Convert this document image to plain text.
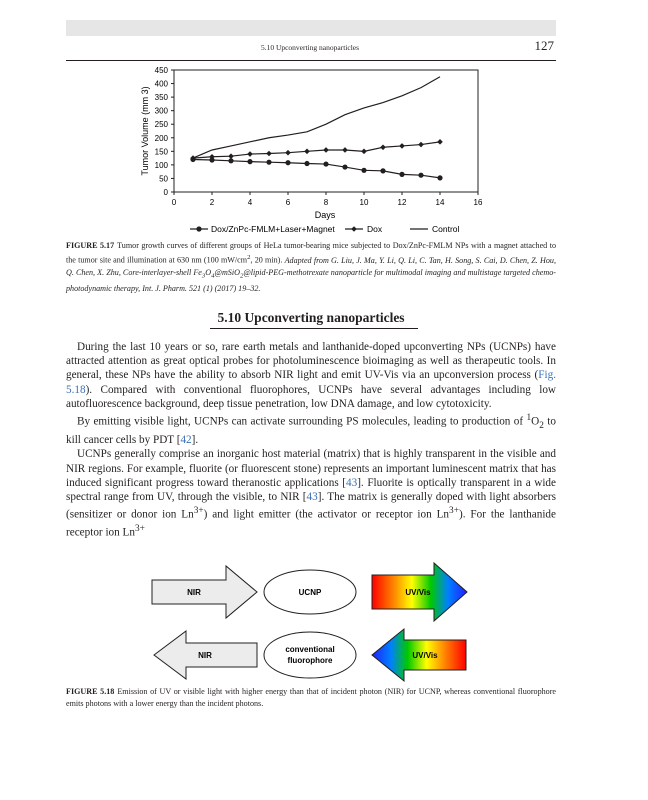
5.10 Upconverting nanoparticles	127
0
50
100
150
200
250
300
350
400
450
0	2	4	6	8	10	12	14	16
Days
Tumor Volume (mm 3)
Dox/ZnPc-FMLM+Laser+Magnet	Dox	Control
FIGURE 5.17 Tumor growth curves of different groups of HeLa tumor-bearing mice subjected to Dox/ZnPc-FMLM NPs with a magnet attached to the tumor site and illumination at 630 nm (100 $mW/cm^2$, 20 min). Adapted from G. Liu, J. Ma, Y. Li, Q. Li, C. Tan, H. Song, S. Cai, D. Chen, Z. Hou, Q. Chen, X. Zhu, Core-interlayer-shell $Fe_3O_4@mSiO_2@lipid-PEG$-methotrexate nanoparticle for multimodal imaging and multistage targeted chemo-photodynamic therapy, Int. J. Pharm. 521 (1) (2017) 19–32.
5.10 Upconverting nanoparticles

During the last 10 years or so, rare earth metals and lanthanide-doped upconverting NPs (UCNPs) have attracted attention as great optical probes for photoluminescence bioimaging as well as therapeutic tools. In general, these NPs have the ability to absorb NIR light and emit UV-Vis via an upconversion process (Fig. 5.18). Compared with conventional fluorophores, UCNPs have several advantages including low autofluorescence background, deep tissue penetration, low DNA damage, and low cytotoxicity.

By emitting visible light, UCNPs can activate surrounding PS molecules, leading to production of $^1O_2$ to kill cancer cells by PDT [42].

UCNPs generally comprise an inorganic host material (matrix) that is highly transparent in the visible and NIR regions. For example, fluorite (or fluorescent stone) represents an important luminescent matrix that has induced significant progress toward theranostic applications [43]. Fluorite is optically transparent in a wide spectral range from UV, through the visible, to NIR [43]. The matrix is generally doped with light absorbers (sensitizer or donor ion $Ln^{3+}$) and light emitter (the activator or receptor ion $Ln^{3+}$). For the lanthanide receptor ion $Ln^{3+}$

NIR	UCNP	UV/Vis
NIR
conventional
fluorophore
UV/Vis
FIGURE 5.18 Emission of UV or visible light with higher energy than that of incident photon (NIR) for UCNP, whereas conventional fluorophore emits photons with a lower energy than the incident photons.
